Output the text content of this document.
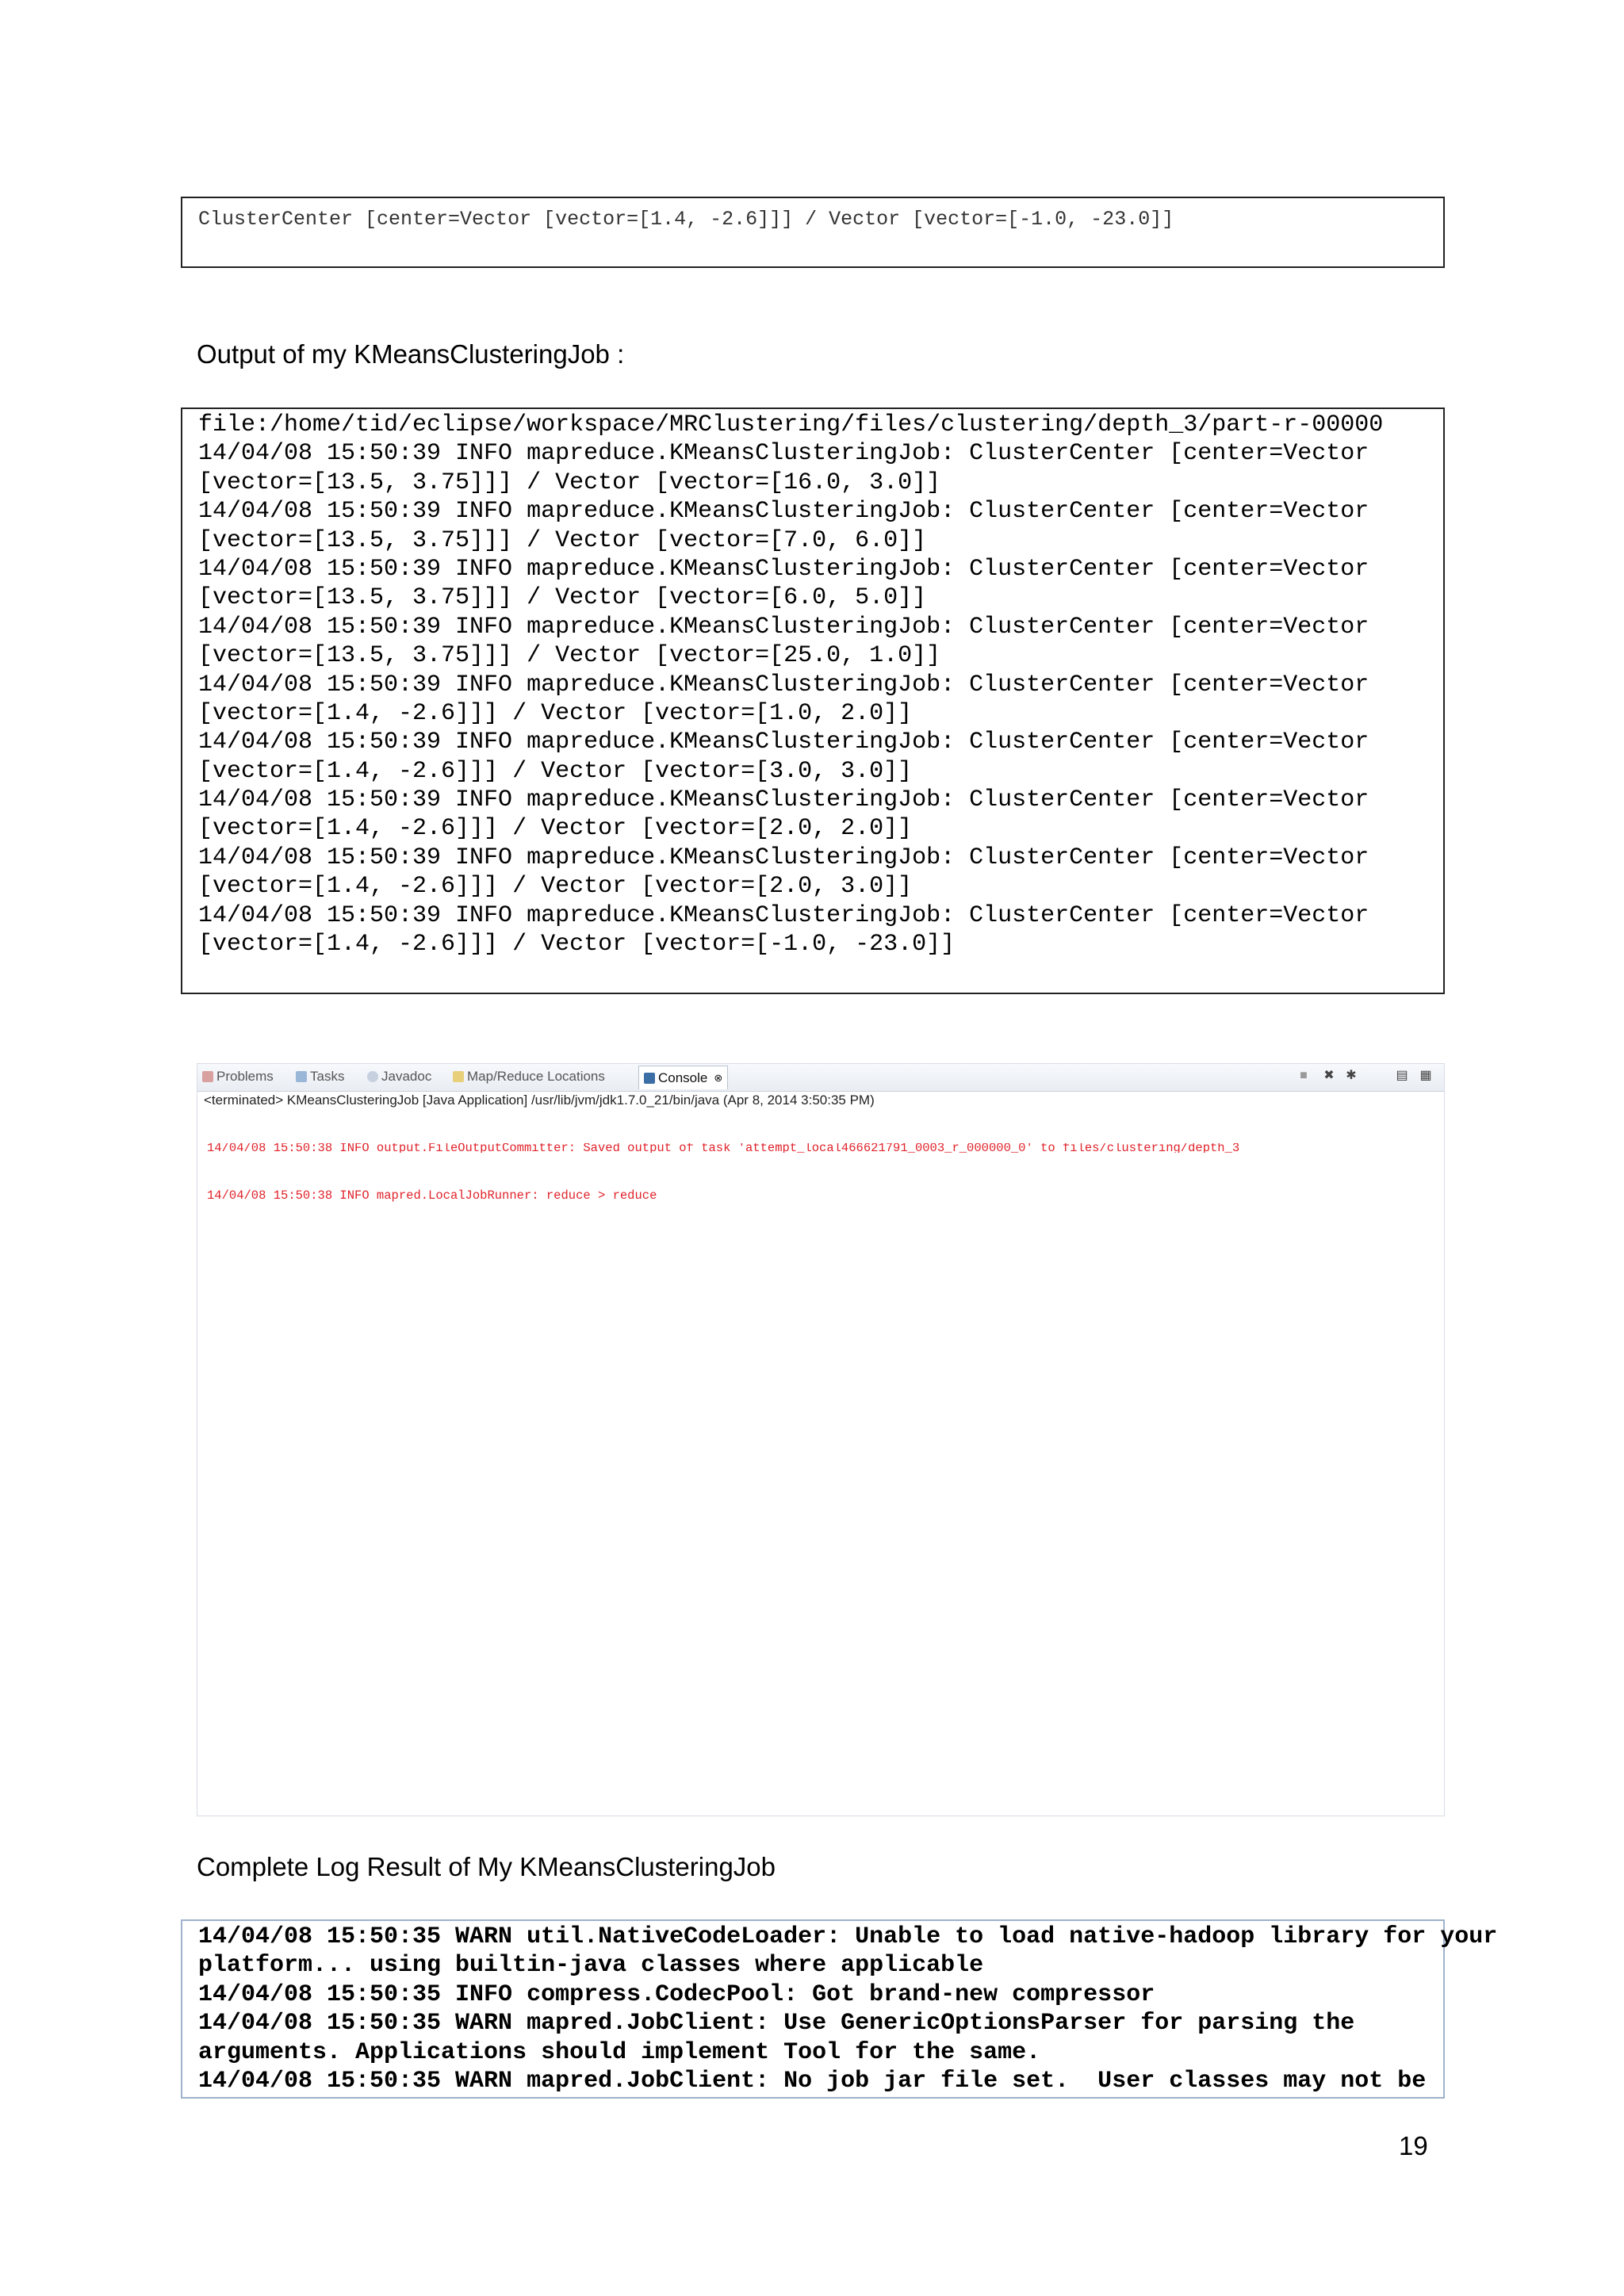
ClusterCenter [center=Vector [vector=[1.4, -2.6]]] / Vector [vector=[-1.0, -23.0]]
Output of my KMeansClusteringJob :
file:/home/tid/eclipse/workspace/MRClustering/files/clustering/depth_3/part-r-00000
14/04/08 15:50:39 INFO mapreduce.KMeansClusteringJob: ClusterCenter [center=Vector
[vector=[13.5, 3.75]]] / Vector [vector=[16.0, 3.0]]
14/04/08 15:50:39 INFO mapreduce.KMeansClusteringJob: ClusterCenter [center=Vector
[vector=[13.5, 3.75]]] / Vector [vector=[7.0, 6.0]]
14/04/08 15:50:39 INFO mapreduce.KMeansClusteringJob: ClusterCenter [center=Vector
[vector=[13.5, 3.75]]] / Vector [vector=[6.0, 5.0]]
14/04/08 15:50:39 INFO mapreduce.KMeansClusteringJob: ClusterCenter [center=Vector
[vector=[13.5, 3.75]]] / Vector [vector=[25.0, 1.0]]
14/04/08 15:50:39 INFO mapreduce.KMeansClusteringJob: ClusterCenter [center=Vector
[vector=[1.4, -2.6]]] / Vector [vector=[1.0, 2.0]]
14/04/08 15:50:39 INFO mapreduce.KMeansClusteringJob: ClusterCenter [center=Vector
[vector=[1.4, -2.6]]] / Vector [vector=[3.0, 3.0]]
14/04/08 15:50:39 INFO mapreduce.KMeansClusteringJob: ClusterCenter [center=Vector
[vector=[1.4, -2.6]]] / Vector [vector=[2.0, 2.0]]
14/04/08 15:50:39 INFO mapreduce.KMeansClusteringJob: ClusterCenter [center=Vector
[vector=[1.4, -2.6]]] / Vector [vector=[2.0, 3.0]]
14/04/08 15:50:39 INFO mapreduce.KMeansClusteringJob: ClusterCenter [center=Vector
[vector=[1.4, -2.6]]] / Vector [vector=[-1.0, -23.0]]
Problems	Tasks	Javadoc	Map/Reduce Locations	Console ⊗	■ ✖ ✱	▤ ▦
<terminated> KMeansClusteringJob [Java Application] /usr/lib/jvm/jdk1.7.0_21/bin/java (Apr 8, 2014 3:50:35 PM)

14/04/08 15:50:38 INFO output.FileOutputCommitter: Saved output of task 'attempt_local466621791_0003_r_000000_0' to files/clustering/depth_3

14/04/08 15:50:38 INFO mapred.LocalJobRunner: reduce > reduce

Complete Log Result of My KMeansClusteringJob
14/04/08 15:50:35 WARN util.NativeCodeLoader: Unable to load native-hadoop library for your
platform... using builtin-java classes where applicable
14/04/08 15:50:35 INFO compress.CodecPool: Got brand-new compressor
14/04/08 15:50:35 WARN mapred.JobClient: Use GenericOptionsParser for parsing the
arguments. Applications should implement Tool for the same.
14/04/08 15:50:35 WARN mapred.JobClient: No job jar file set.  User classes may not be
19
